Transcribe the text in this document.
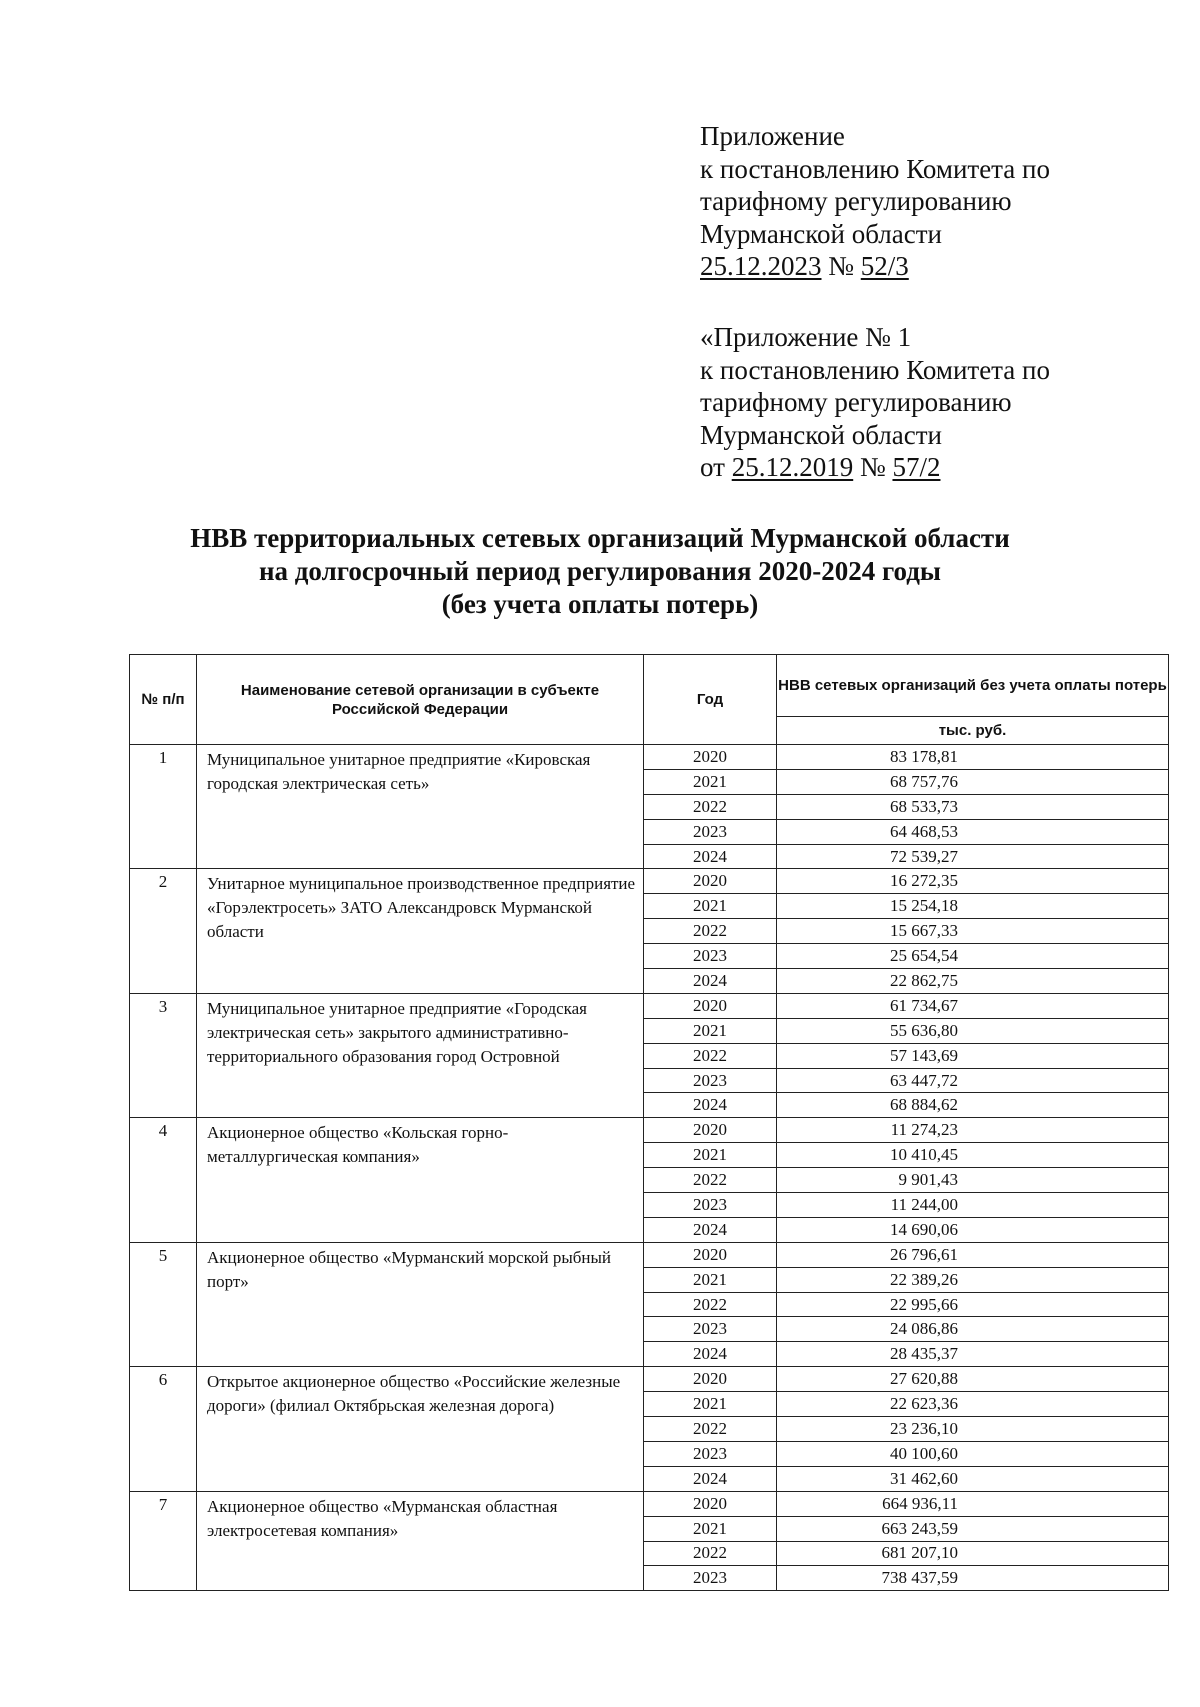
Приложение
к постановлению Комитета по
тарифному регулированию
Мурманской области
25.12.2023 № 52/3
«Приложение № 1
к постановлению Комитета по
тарифному регулированию
Мурманской области
от 25.12.2019 № 57/2
НВВ территориальных сетевых организаций Мурманской области
на долгосрочный период регулирования 2020-2024 годы
(без учета оплаты потерь)
№ п/п	Наименование сетевой организации в субъекте Российской Федерации	Год	НВВ сетевых организаций без учета оплаты потерь
			тыс. руб.
1	Муниципальное унитарное предприятие «Кировская городская электрическая сеть»	2020	83 178,81
		2021	68 757,76
		2022	68 533,73
		2023	64 468,53
		2024	72 539,27
2	Унитарное муниципальное производственное предприятие «Горэлектросеть» ЗАТО Александровск Мурманской области	2020	16 272,35
		2021	15 254,18
		2022	15 667,33
		2023	25 654,54
		2024	22 862,75
3	Муниципальное унитарное предприятие «Городская электрическая сеть» закрытого административно-территориального образования город Островной	2020	61 734,67
		2021	55 636,80
		2022	57 143,69
		2023	63 447,72
		2024	68 884,62
4	Акционерное общество «Кольская горно-металлургическая компания»	2020	11 274,23
		2021	10 410,45
		2022	9 901,43
		2023	11 244,00
		2024	14 690,06
5	Акционерное общество «Мурманский морской рыбный порт»	2020	26 796,61
		2021	22 389,26
		2022	22 995,66
		2023	24 086,86
		2024	28 435,37
6	Открытое акционерное общество «Российские железные дороги» (филиал Октябрьская железная дорога)	2020	27 620,88
		2021	22 623,36
		2022	23 236,10
		2023	40 100,60
		2024	31 462,60
7	Акционерное общество «Мурманская областная электросетевая компания»	2020	664 936,11
		2021	663 243,59
		2022	681 207,10
		2023	738 437,59
